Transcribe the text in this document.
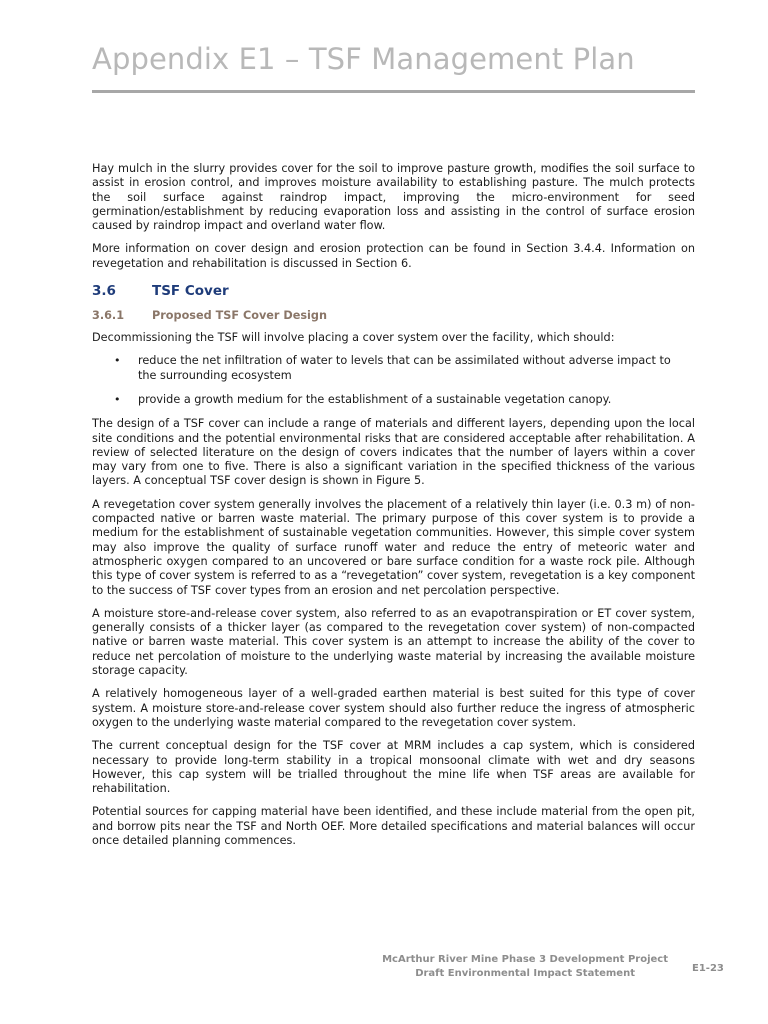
Appendix E1 – TSF Management Plan

Hay mulch in the slurry provides cover for the soil to improve pasture growth, modifies the soil surface to assist in erosion control, and improves moisture availability to establishing pasture. The mulch protects the soil surface against raindrop impact, improving the micro-environment for seed germination/establishment by reducing evaporation loss and assisting in the control of surface erosion caused by raindrop impact and overland water flow.

More information on cover design and erosion protection can be found in Section 3.4.4. Information on revegetation and rehabilitation is discussed in Section 6.

3.6	TSF Cover
3.6.1	Proposed TSF Cover Design

Decommissioning the TSF will involve placing a cover system over the facility, which should:

• reduce the net infiltration of water to levels that can be assimilated without adverse impact to the surrounding ecosystem
• provide a growth medium for the establishment of a sustainable vegetation canopy.

The design of a TSF cover can include a range of materials and different layers, depending upon the local site conditions and the potential environmental risks that are considered acceptable after rehabilitation. A review of selected literature on the design of covers indicates that the number of layers within a cover may vary from one to five. There is also a significant variation in the specified thickness of the various layers. A conceptual TSF cover design is shown in Figure 5.

A revegetation cover system generally involves the placement of a relatively thin layer (i.e. 0.3 m) of non-compacted native or barren waste material. The primary purpose of this cover system is to provide a medium for the establishment of sustainable vegetation communities. However, this simple cover system may also improve the quality of surface runoff water and reduce the entry of meteoric water and atmospheric oxygen compared to an uncovered or bare surface condition for a waste rock pile. Although this type of cover system is referred to as a “revegetation” cover system, revegetation is a key component to the success of TSF cover types from an erosion and net percolation perspective.

A moisture store-and-release cover system, also referred to as an evapotranspiration or ET cover system, generally consists of a thicker layer (as compared to the revegetation cover system) of non-compacted native or barren waste material. This cover system is an attempt to increase the ability of the cover to reduce net percolation of moisture to the underlying waste material by increasing the available moisture storage capacity.

A relatively homogeneous layer of a well-graded earthen material is best suited for this type of cover system. A moisture store-and-release cover system should also further reduce the ingress of atmospheric oxygen to the underlying waste material compared to the revegetation cover system.

The current conceptual design for the TSF cover at MRM includes a cap system, which is considered necessary to provide long-term stability in a tropical monsoonal climate with wet and dry seasons However, this cap system will be trialled throughout the mine life when TSF areas are available for rehabilitation.

Potential sources for capping material have been identified, and these include material from the open pit, and borrow pits near the TSF and North OEF. More detailed specifications and material balances will occur once detailed planning commences.

McArthur River Mine Phase 3 Development Project
Draft Environmental Impact Statement	E1-23
